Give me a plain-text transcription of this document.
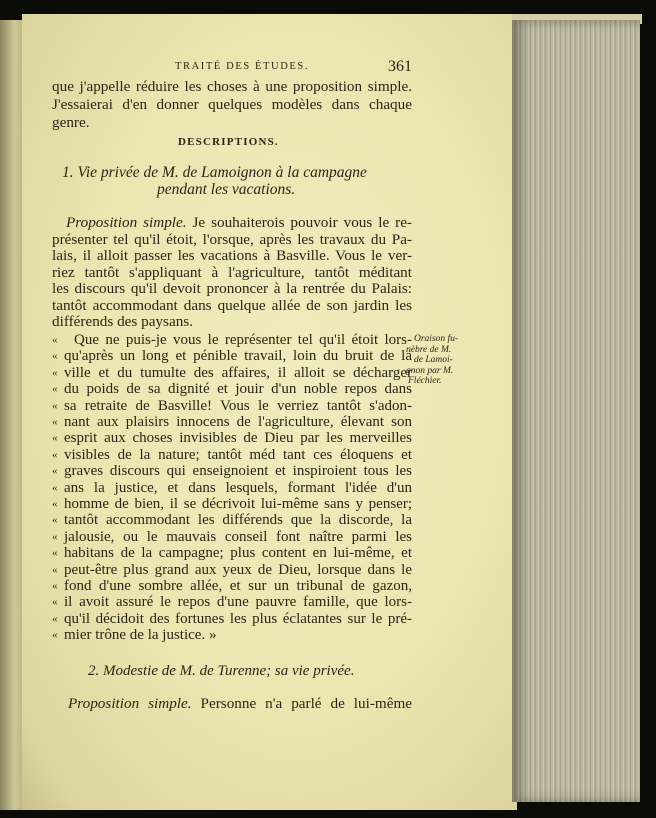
TRAITÉ DES ÉTUDES.	361
que j'appelle réduire les choses à une proposition simple.
J'essaierai d'en donner quelques modèles dans chaque
genre.
DESCRIPTIONS.
1. Vie privée de M. de Lamoignon à la campagne
pendant les vacations.
Proposition simple. Je souhaiterois pouvoir vous le re-
présenter tel qu'il étoit, l'orsque, après les travaux du Pa-
lais, il alloit passer les vacations à Basville. Vous le ver-
riez tantôt s'appliquant à l'agriculture, tantôt méditant
les discours qu'il devoit prononcer à la rentrée du Palais:
tantôt accommodant dans quelque allée de son jardin les
différends des paysans.
«	Que ne puis-je vous le représenter tel qu'il étoit lors-
« qu'après un long et pénible travail, loin du bruit de la
« ville et du tumulte des affaires, il alloit se décharger
« du poids de sa dignité et jouir d'un noble repos dans
« sa retraite de Basville! Vous le verriez tantôt s'adon-
« nant aux plaisirs innocens de l'agriculture, élevant son
« esprit aux choses invisibles de Dieu par les merveilles
« visibles de la nature; tantôt méd tant ces éloquens et
« graves discours qui enseignoient et inspiroient tous les
« ans la justice, et dans lesquels, formant l'idée d'un
« homme de bien, il se décrivoit lui-même sans y penser;
« tantôt accommodant les différends que la discorde, la
« jalousie, ou le mauvais conseil font naître parmi les
« habitans de la campagne; plus content en lui-même, et
« peut-être plus grand aux yeux de Dieu, lorsque dans le
« fond d'une sombre allée, et sur un tribunal de gazon,
« il avoit assuré le repos d'une pauvre famille, que lors-
« qu'il décidoit des fortunes les plus éclatantes sur le pré-
« mier trône de la justice. »
Oraison fu-
nèbre de M.
de Lamoi-
gnon par M.
Fléchier.
2. Modestie de M. de Turenne; sa vie privée.
Proposition simple. Personne n'a parlé de lui-même
